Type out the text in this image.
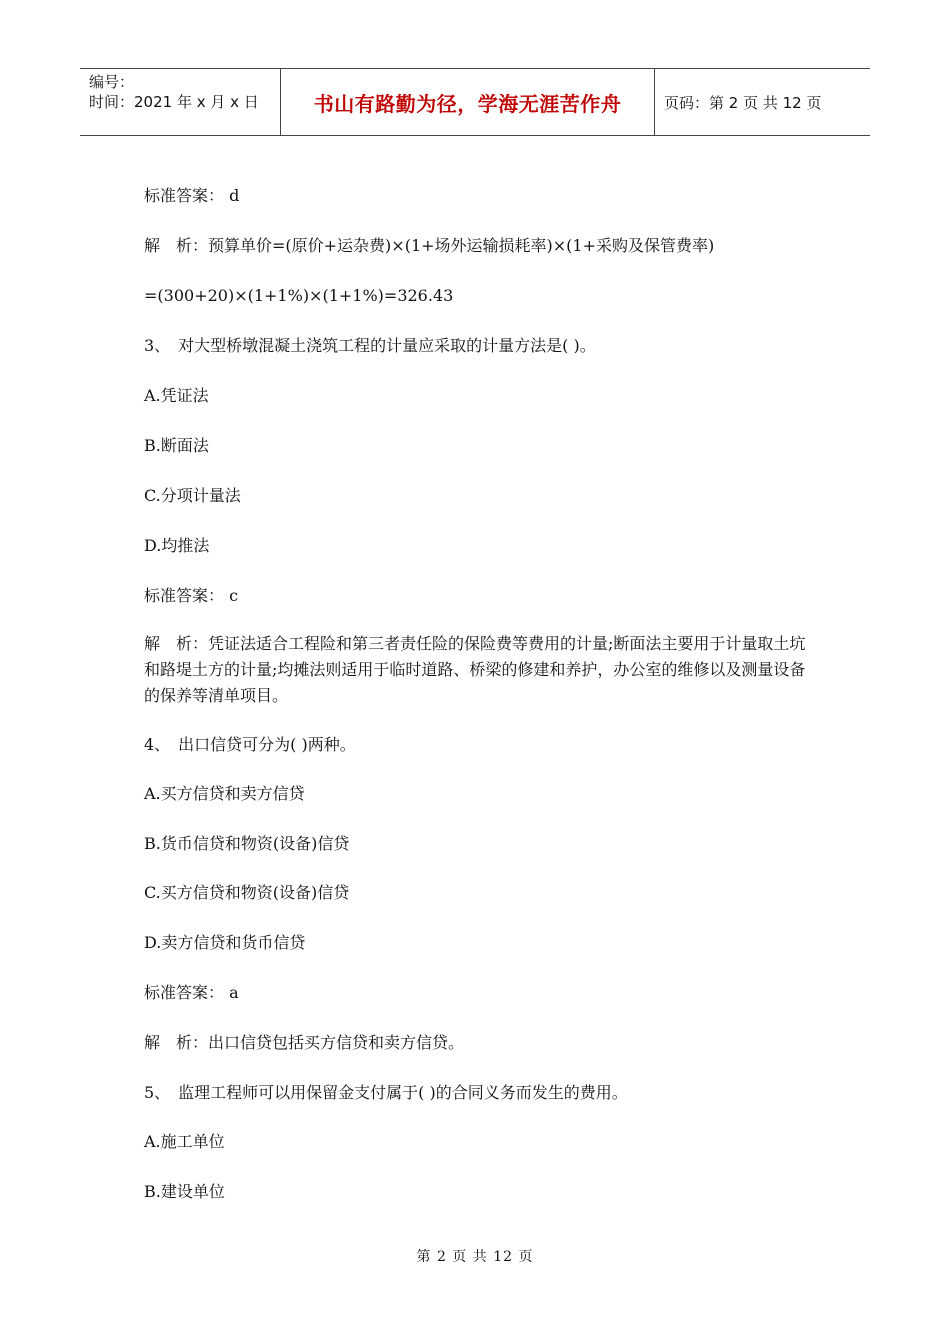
编号：
时间：2021 年 x 月 x 日	书山有路勤为径，学海无涯苦作舟	页码：第 2 页 共 12 页
标准答案： d
解　析：预算单价=(原价+运杂费)×(1+场外运输损耗率)×(1+采购及保管费率)
=(300+20)×(1+1%)×(1+1%)=326.43
3、　对大型桥墩混凝土浇筑工程的计量应采取的计量方法是( )。
A.凭证法
B.断面法
C.分项计量法
D.均推法
标准答案： c
解　析：凭证法适合工程险和第三者责任险的保险费等费用的计量;断面法主要用于计量取土坑和路堤土方的计量;均摊法则适用于临时道路、桥梁的修建和养护，办公室的维修以及测量设备的保养等清单项目。
4、　出口信贷可分为( )两种。
A.买方信贷和卖方信贷
B.货币信贷和物资(设备)信贷
C.买方信贷和物资(设备)信贷
D.卖方信贷和货币信贷
标准答案： a
解　析：出口信贷包括买方信贷和卖方信贷。
5、　监理工程师可以用保留金支付属于( )的合同义务而发生的费用。
A.施工单位
B.建设单位
第 2 页 共 12 页
